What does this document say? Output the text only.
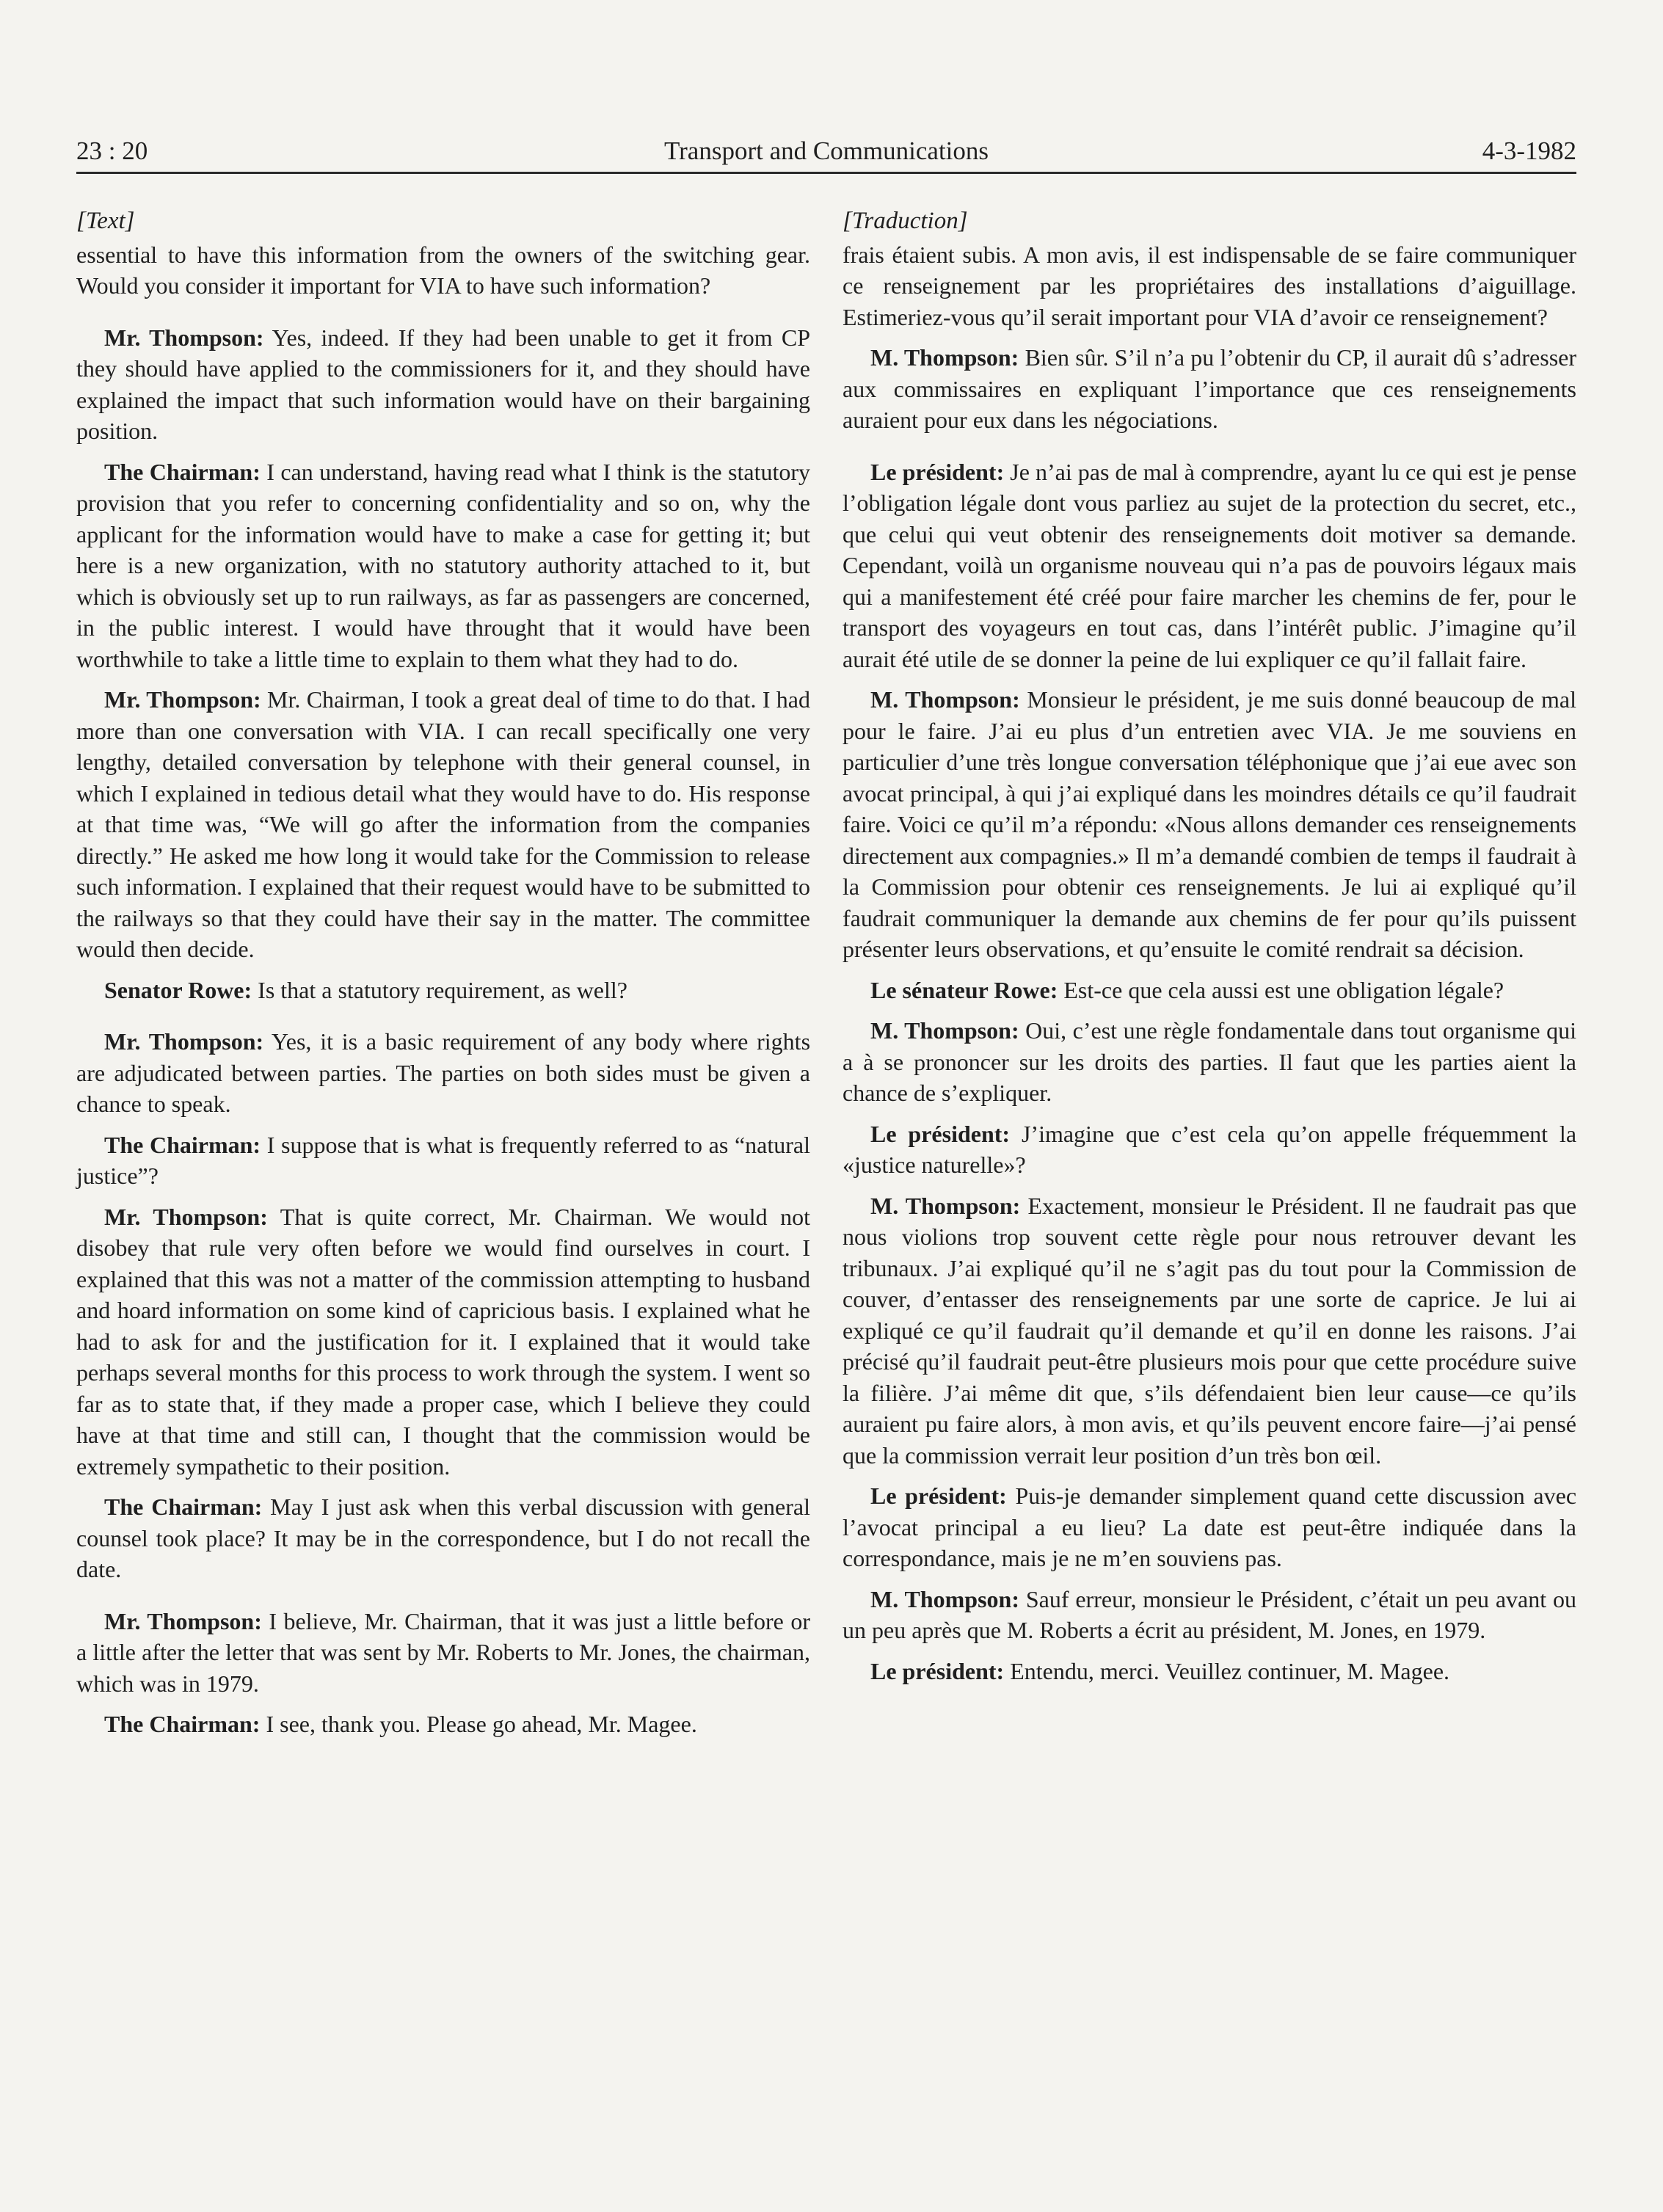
23 : 20	Transport and Communications	4-3-1982

[Text]

essential to have this information from the owners of the switching gear. Would you consider it important for VIA to have such information?

Mr. Thompson: Yes, indeed. If they had been unable to get it from CP they should have applied to the commissioners for it, and they should have explained the impact that such information would have on their bargaining position.

The Chairman: I can understand, having read what I think is the statutory provision that you refer to concerning confidentiality and so on, why the applicant for the information would have to make a case for getting it; but here is a new organization, with no statutory authority attached to it, but which is obviously set up to run railways, as far as passengers are concerned, in the public interest. I would have throught that it would have been worthwhile to take a little time to explain to them what they had to do.

Mr. Thompson: Mr. Chairman, I took a great deal of time to do that. I had more than one conversation with VIA. I can recall specifically one very lengthy, detailed conversation by telephone with their general counsel, in which I explained in tedious detail what they would have to do. His response at that time was, “We will go after the information from the companies directly.” He asked me how long it would take for the Commission to release such information. I explained that their request would have to be submitted to the railways so that they could have their say in the matter. The committee would then decide.

Senator Rowe: Is that a statutory requirement, as well?

Mr. Thompson: Yes, it is a basic requirement of any body where rights are adjudicated between parties. The parties on both sides must be given a chance to speak.

The Chairman: I suppose that is what is frequently referred to as “natural justice”?

Mr. Thompson: That is quite correct, Mr. Chairman. We would not disobey that rule very often before we would find ourselves in court. I explained that this was not a matter of the commission attempting to husband and hoard information on some kind of capricious basis. I explained what he had to ask for and the justification for it. I explained that it would take perhaps several months for this process to work through the system. I went so far as to state that, if they made a proper case, which I believe they could have at that time and still can, I thought that the commission would be extremely sympathetic to their position.

The Chairman: May I just ask when this verbal discussion with general counsel took place? It may be in the correspondence, but I do not recall the date.

Mr. Thompson: I believe, Mr. Chairman, that it was just a little before or a little after the letter that was sent by Mr. Roberts to Mr. Jones, the chairman, which was in 1979.

The Chairman: I see, thank you. Please go ahead, Mr. Magee.

[Traduction]

frais étaient subis. A mon avis, il est indispensable de se faire communiquer ce renseignement par les propriétaires des installations d’aiguillage. Estimeriez-vous qu’il serait important pour VIA d’avoir ce renseignement?

M. Thompson: Bien sûr. S’il n’a pu l’obtenir du CP, il aurait dû s’adresser aux commissaires en expliquant l’importance que ces renseignements auraient pour eux dans les négociations.

Le président: Je n’ai pas de mal à comprendre, ayant lu ce qui est je pense l’obligation légale dont vous parliez au sujet de la protection du secret, etc., que celui qui veut obtenir des renseignements doit motiver sa demande. Cependant, voilà un organisme nouveau qui n’a pas de pouvoirs légaux mais qui a manifestement été créé pour faire marcher les chemins de fer, pour le transport des voyageurs en tout cas, dans l’intérêt public. J’imagine qu’il aurait été utile de se donner la peine de lui expliquer ce qu’il fallait faire.

M. Thompson: Monsieur le président, je me suis donné beaucoup de mal pour le faire. J’ai eu plus d’un entretien avec VIA. Je me souviens en particulier d’une très longue conversation téléphonique que j’ai eue avec son avocat principal, à qui j’ai expliqué dans les moindres détails ce qu’il faudrait faire. Voici ce qu’il m’a répondu: «Nous allons demander ces renseignements directement aux compagnies.» Il m’a demandé combien de temps il faudrait à la Commission pour obtenir ces renseignements. Je lui ai expliqué qu’il faudrait communiquer la demande aux chemins de fer pour qu’ils puissent présenter leurs observations, et qu’ensuite le comité rendrait sa décision.

Le sénateur Rowe: Est-ce que cela aussi est une obligation légale?

M. Thompson: Oui, c’est une règle fondamentale dans tout organisme qui a à se prononcer sur les droits des parties. Il faut que les parties aient la chance de s’expliquer.

Le président: J’imagine que c’est cela qu’on appelle fréquemment la «justice naturelle»?

M. Thompson: Exactement, monsieur le Président. Il ne faudrait pas que nous violions trop souvent cette règle pour nous retrouver devant les tribunaux. J’ai expliqué qu’il ne s’agit pas du tout pour la Commission de couver, d’entasser des renseignements par une sorte de caprice. Je lui ai expliqué ce qu’il faudrait qu’il demande et qu’il en donne les raisons. J’ai précisé qu’il faudrait peut-être plusieurs mois pour que cette procédure suive la filière. J’ai même dit que, s’ils défendaient bien leur cause—ce qu’ils auraient pu faire alors, à mon avis, et qu’ils peuvent encore faire—j’ai pensé que la commission verrait leur position d’un très bon œil.

Le président: Puis-je demander simplement quand cette discussion avec l’avocat principal a eu lieu? La date est peut-être indiquée dans la correspondance, mais je ne m’en souviens pas.

M. Thompson: Sauf erreur, monsieur le Président, c’était un peu avant ou un peu après que M. Roberts a écrit au président, M. Jones, en 1979.

Le président: Entendu, merci. Veuillez continuer, M. Magee.
